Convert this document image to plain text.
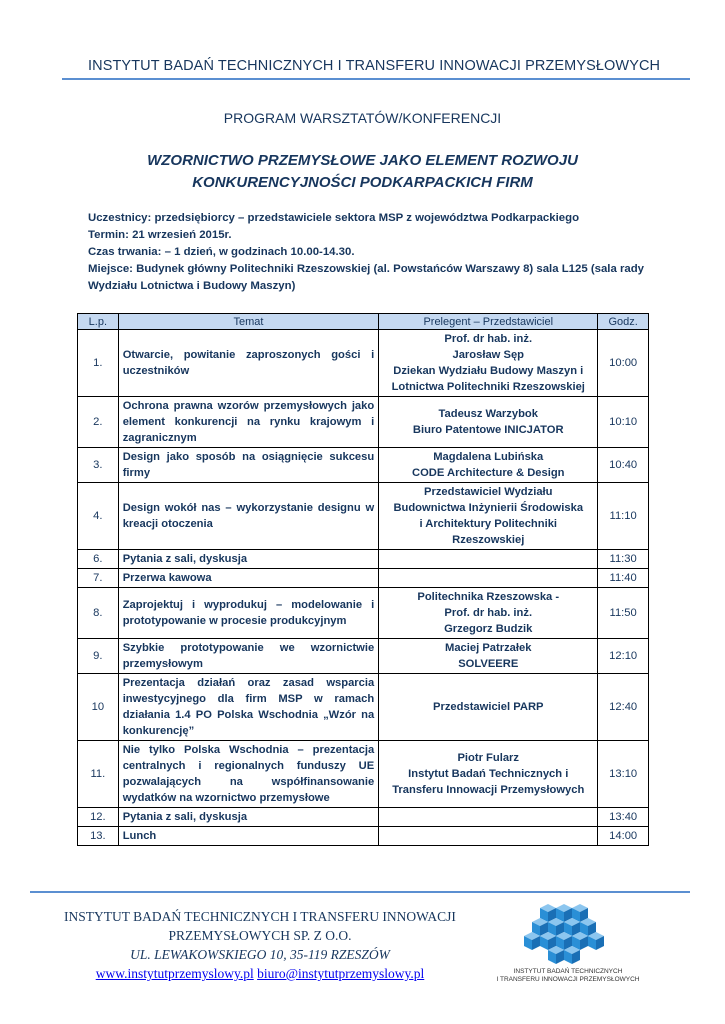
INSTYTUT BADAŃ TECHNICZNYCH I TRANSFERU INNOWACJI PRZEMYSŁOWYCH
PROGRAM WARSZTATÓW/KONFERENCJI
WZORNICTWO PRZEMYSŁOWE JAKO ELEMENT ROZWOJU
KONKURENCYJNOŚCI PODKARPACKICH FIRM
Uczestnicy: przedsiębiorcy – przedstawiciele sektora MSP z województwa Podkarpackiego
Termin: 21 wrzesień 2015r.
Czas trwania: – 1 dzień, w godzinach 10.00-14.30.
Miejsce: Budynek główny Politechniki Rzeszowskiej (al. Powstańców Warszawy 8) sala L125 (sala rady Wydziału Lotnictwa i Budowy Maszyn)
L.p.	Temat	Prelegent – Przedstawiciel	Godz.
1.	Otwarcie, powitanie zaproszonych gości i uczestników	Prof. dr hab. inż.
Jarosław Sęp
Dziekan Wydziału Budowy Maszyn i
Lotnictwa Politechniki Rzeszowskiej	10:00
2.	Ochrona prawna wzorów przemysłowych jako element konkurencji na rynku krajowym i zagranicznym	Tadeusz Warzybok
Biuro Patentowe INICJATOR	10:10
3.	Design jako sposób na osiągnięcie sukcesu firmy	Magdalena Lubińska
CODE Architecture & Design	10:40
4.	Design wokół nas – wykorzystanie designu w kreacji otoczenia	Przedstawiciel Wydziału
Budownictwa Inżynierii Środowiska
i Architektury Politechniki
Rzeszowskiej	11:10
6.	Pytania z sali, dyskusja		11:30
7.	Przerwa kawowa		11:40
8.	Zaprojektuj i wyprodukuj – modelowanie i prototypowanie w procesie produkcyjnym	Politechnika Rzeszowska -
Prof. dr hab. inż.
Grzegorz Budzik	11:50
9.	Szybkie prototypowanie we wzornictwie przemysłowym	Maciej Patrzałek
SOLVEERE	12:10
10	Prezentacja działań oraz zasad wsparcia inwestycyjnego dla firm MSP w ramach działania 1.4 PO Polska Wschodnia „Wzór na konkurencję”	Przedstawiciel PARP	12:40
11.	Nie tylko Polska Wschodnia – prezentacja centralnych i regionalnych funduszy UE pozwalających na współfinansowanie wydatków na wzornictwo przemysłowe	Piotr Fularz
Instytut Badań Technicznych i
Transferu Innowacji Przemysłowych	13:10
12.	Pytania z sali, dyskusja		13:40
13.	Lunch		14:00
INSTYTUT BADAŃ TECHNICZNYCH I TRANSFERU INNOWACJI
PRZEMYSŁOWYCH SP. Z O.O.
UL. LEWAKOWSKIEGO 10, 35-119 RZESZÓW
www.instytutprzemyslowy.pl biuro@instytutprzemyslowy.pl	INSTYTUT BADAŃ TECHNICZNYCH
I TRANSFERU INNOWACJI PRZEMYSŁOWYCH
